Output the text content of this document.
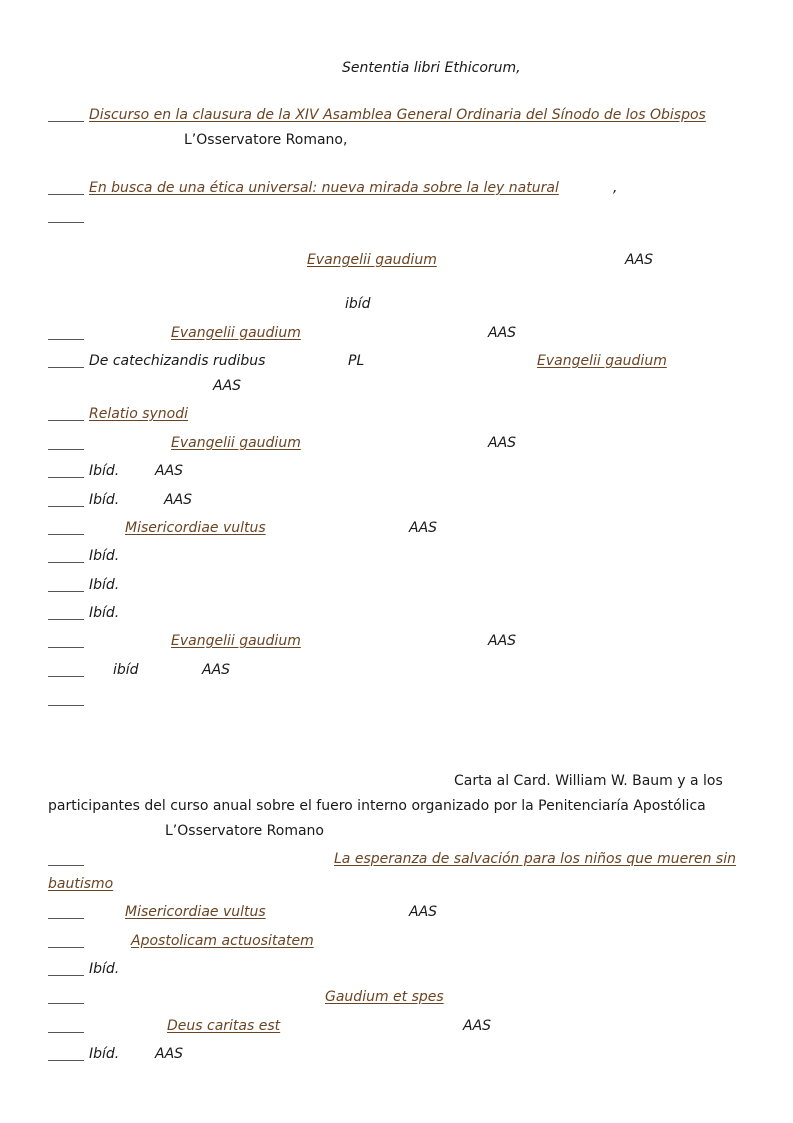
Sententia libri Ethicorum,
Discurso en la clausura de la XIV Asamblea General Ordinaria del Sínodo de los Obispos
L’Osservatore Romano,
En busca de una ética universal: nueva mirada sobre la ley natural	,
Evangelii gaudium	AAS
ibíd
Evangelii gaudium	AAS
De catechizandis rudibus	PL	Evangelii gaudium
AAS
Relatio synodi
Evangelii gaudium	AAS
Ibíd.	AAS
Ibíd.	AAS
Misericordiae vultus	AAS
Ibíd.
Ibíd.
Ibíd.
Evangelii gaudium	AAS
ibíd	AAS
Carta al Card. William W. Baum y a los
participantes del curso anual sobre el fuero interno organizado por la Penitenciaría Apostólica
L’Osservatore Romano
La esperanza de salvación para los niños que mueren sin
bautismo
Misericordiae vultus	AAS
Apostolicam actuositatem
Ibíd.
Gaudium et spes
Deus caritas est	AAS
Ibíd.	AAS
